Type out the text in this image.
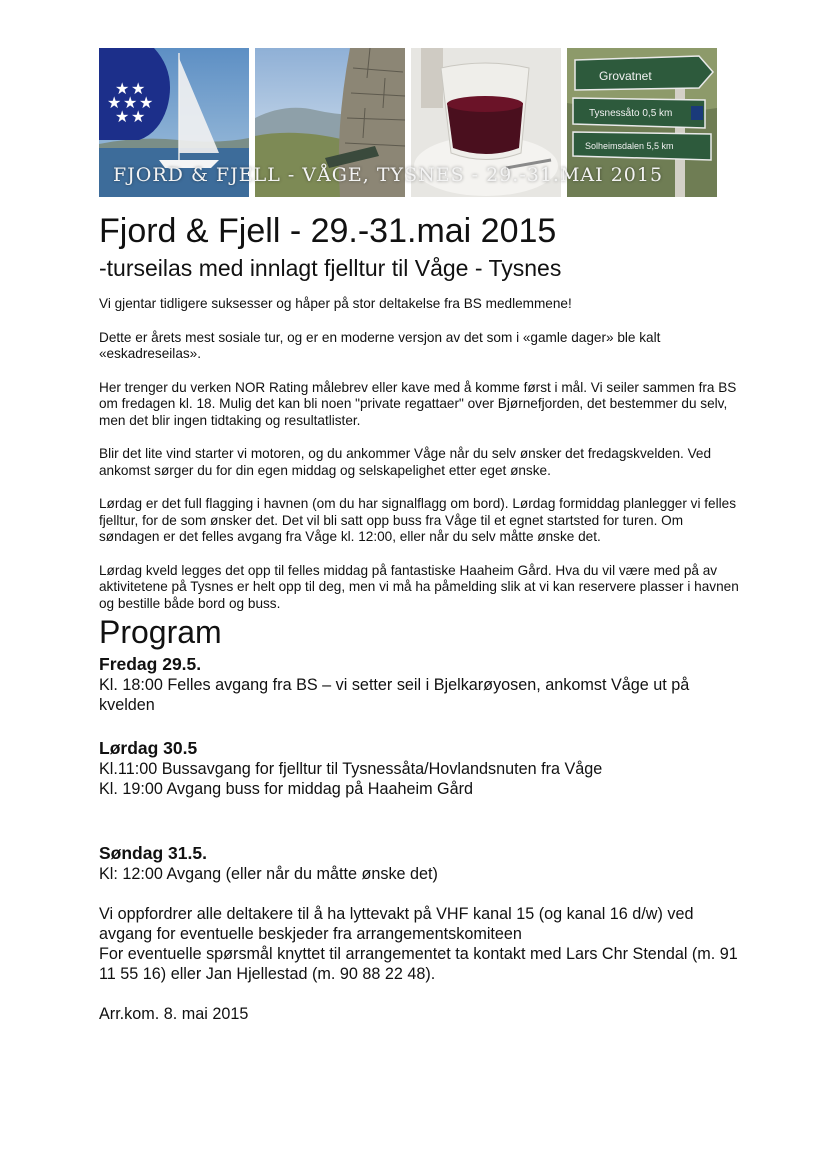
★ ★
★ ★ ★
★ ★
Grovatnet
Tysnessåto 0,5 km
Solheimsdalen 5,5 km
FJORD & FJELL - VÅGE, TYSNES - 29.-31.MAI 2015
Fjord & Fjell - 29.-31.mai 2015
-turseilas med innlagt fjelltur til Våge - Tysnes

Vi gjentar tidligere suksesser og håper på stor deltakelse fra BS medlemmene!

Dette er årets mest sosiale tur, og er en moderne versjon av det som i «gamle dager» ble kalt «eskadreseilas».

Her trenger du verken NOR Rating målebrev eller kave med å komme først i mål. Vi seiler sammen fra BS om fredagen kl. 18. Mulig det kan bli noen "private regattaer" over Bjørnefjorden, det bestemmer du selv, men det blir ingen tidtaking og resultatlister.

Blir det lite vind starter vi motoren, og du ankommer Våge når du selv ønsker det fredagskvelden. Ved ankomst sørger du for din egen middag og selskapelighet etter eget ønske.

Lørdag er det full flagging i havnen (om du har signalflagg om bord). Lørdag formiddag planlegger vi felles fjelltur, for de som ønsker det. Det vil bli satt opp buss fra Våge til et egnet startsted for turen. Om søndagen er det felles avgang fra Våge kl. 12:00, eller når du selv måtte ønske det.

Lørdag kveld legges det opp til felles middag på fantastiske Haaheim Gård. Hva du vil være med på av aktivitetene på Tysnes er helt opp til deg, men vi må ha påmelding slik at vi kan reservere plasser i havnen og bestille både bord og buss.

Program
Fredag 29.5.

Kl. 18:00 Felles avgang fra BS – vi setter seil i Bjelkarøyosen, ankomst Våge ut på kvelden

Lørdag 30.5

Kl.11:00 Bussavgang for fjelltur til Tysnessåta/Hovlandsnuten fra Våge

Kl. 19:00 Avgang buss for middag på Haaheim Gård

Søndag 31.5.

Kl: 12:00 Avgang (eller når du måtte ønske det)

Vi oppfordrer alle deltakere til å ha lyttevakt på VHF kanal 15 (og kanal 16 d/w) ved avgang for eventuelle beskjeder fra arrangementskomiteen

For eventuelle spørsmål knyttet til arrangementet ta kontakt med Lars Chr Stendal (m. 91 11 55 16) eller Jan Hjellestad (m. 90 88 22 48).

Arr.kom. 8. mai 2015
